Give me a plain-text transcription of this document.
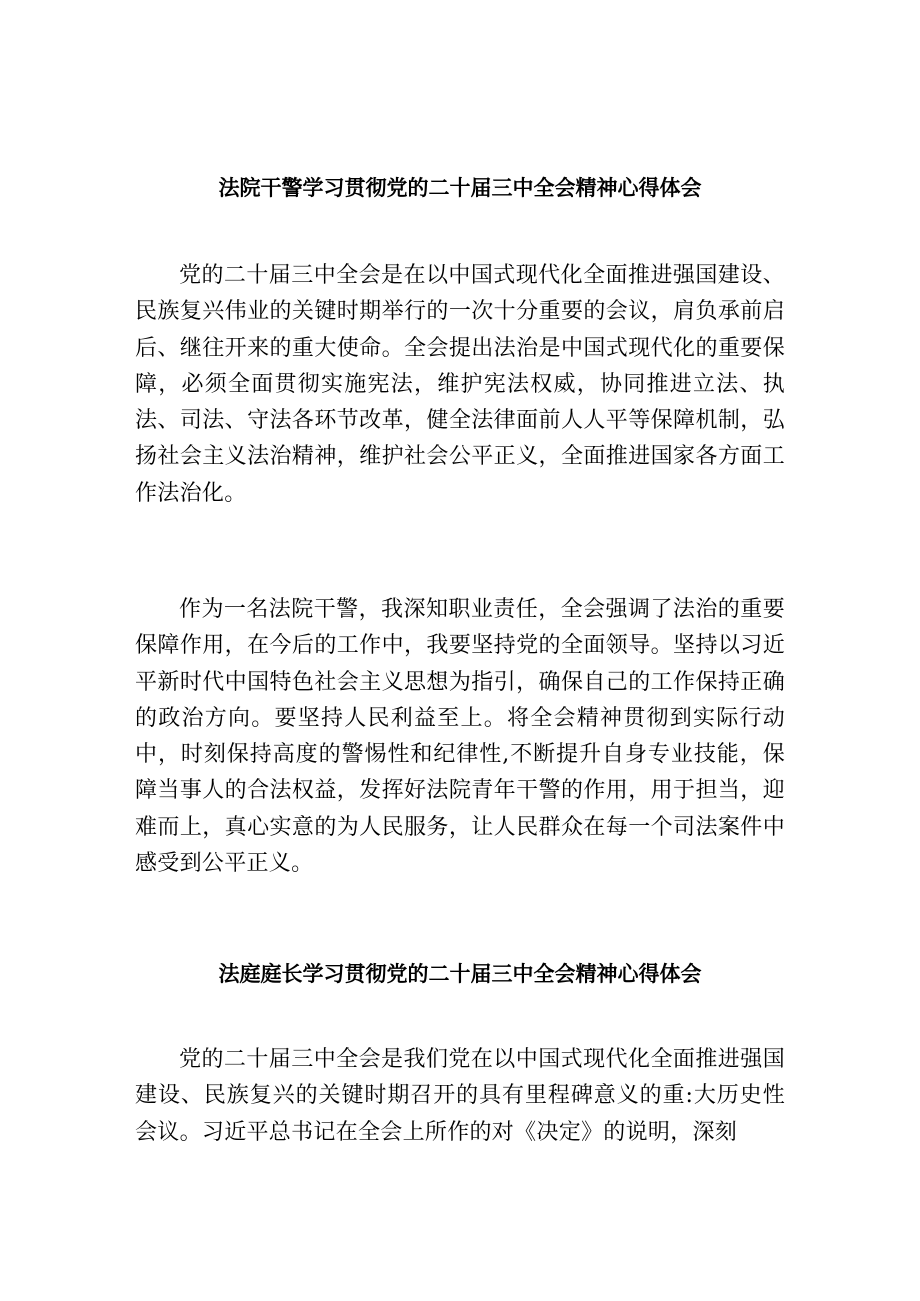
法院干警学习贯彻党的二十届三中全会精神心得体会

党的二十届三中全会是在以中国式现代化全面推进强国建设、民族复兴伟业的关键时期举行的一次十分重要的会议，肩负承前启后、继往开来的重大使命。全会提出法治是中国式现代化的重要保障，必须全面贯彻实施宪法，维护宪法权威，协同推进立法、执法、司法、守法各环节改革，健全法律面前人人平等保障机制，弘扬社会主义法治精神，维护社会公平正义，全面推进国家各方面工作法治化。

作为一名法院干警，我深知职业责任，全会强调了法治的重要保障作用，在今后的工作中，我要坚持党的全面领导。坚持以习近平新时代中国特色社会主义思想为指引，确保自己的工作保持正确的政治方向。要坚持人民利益至上。将全会精神贯彻到实际行动中，时刻保持高度的警惕性和纪律性,不断提升自身专业技能，保障当事人的合法权益，发挥好法院青年干警的作用，用于担当，迎难而上，真心实意的为人民服务，让人民群众在每一个司法案件中感受到公平正义。

法庭庭长学习贯彻党的二十届三中全会精神心得体会

党的二十届三中全会是我们党在以中国式现代化全面推进强国建设、民族复兴的关键时期召开的具有里程碑意义的重:大历史性会议。习近平总书记在全会上所作的对《决定》的说明，深刻
